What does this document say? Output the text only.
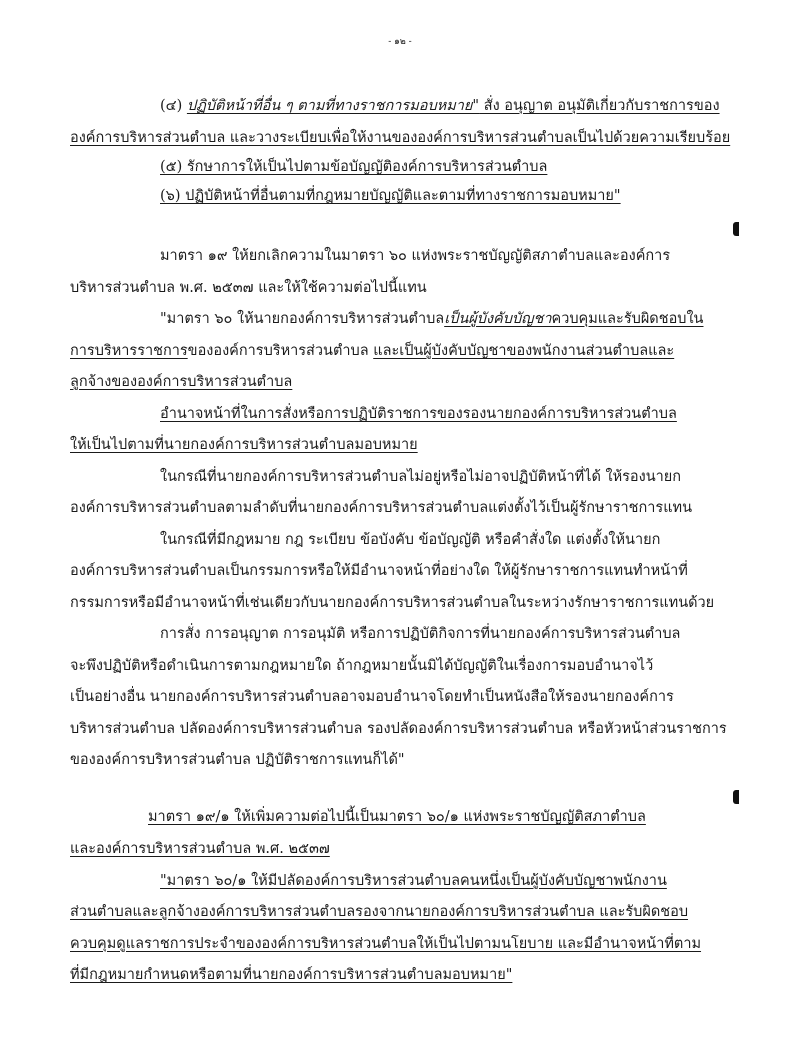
- ๑๒ -
(๔) ปฏิบัติหน้าที่อื่น ๆ ตามที่ทางราชการมอบหมาย" สั่ง อนุญาต อนุมัติเกี่ยวกับราชการของ
องค์การบริหารส่วนตำบล และวางระเบียบเพื่อให้งานขององค์การบริหารส่วนตำบลเป็นไปด้วยความเรียบร้อย
(๕) รักษาการให้เป็นไปตามข้อบัญญัติองค์การบริหารส่วนตำบล
(๖) ปฏิบัติหน้าที่อื่นตามที่กฎหมายบัญญัติและตามที่ทางราชการมอบหมาย"
มาตรา ๑๙ ให้ยกเลิกความในมาตรา ๖๐ แห่งพระราชบัญญัติสภาตำบลและองค์การ
บริหารส่วนตำบล พ.ศ. ๒๕๓๗ และให้ใช้ความต่อไปนี้แทน
"มาตรา ๖๐ ให้นายกองค์การบริหารส่วนตำบลเป็นผู้บังคับบัญชาควบคุมและรับผิดชอบใน
การบริหารราชการขององค์การบริหารส่วนตำบล และเป็นผู้บังคับบัญชาของพนักงานส่วนตำบลและ
ลูกจ้างขององค์การบริหารส่วนตำบล
อำนาจหน้าที่ในการสั่งหรือการปฏิบัติราชการของรองนายกองค์การบริหารส่วนตำบล
ให้เป็นไปตามที่นายกองค์การบริหารส่วนตำบลมอบหมาย
ในกรณีที่นายกองค์การบริหารส่วนตำบลไม่อยู่หรือไม่อาจปฏิบัติหน้าที่ได้ ให้รองนายก
องค์การบริหารส่วนตำบลตามลำดับที่นายกองค์การบริหารส่วนตำบลแต่งตั้งไว้เป็นผู้รักษาราชการแทน
ในกรณีที่มีกฎหมาย กฎ ระเบียบ ข้อบังคับ ข้อบัญญัติ หรือคำสั่งใด แต่งตั้งให้นายก
องค์การบริหารส่วนตำบลเป็นกรรมการหรือให้มีอำนาจหน้าที่อย่างใด ให้ผู้รักษาราชการแทนทำหน้าที่
กรรมการหรือมีอำนาจหน้าที่เช่นเดียวกับนายกองค์การบริหารส่วนตำบลในระหว่างรักษาราชการแทนด้วย
การสั่ง การอนุญาต การอนุมัติ หรือการปฏิบัติกิจการที่นายกองค์การบริหารส่วนตำบล
จะพึงปฏิบัติหรือดำเนินการตามกฎหมายใด ถ้ากฎหมายนั้นมิได้บัญญัติในเรื่องการมอบอำนาจไว้
เป็นอย่างอื่น นายกองค์การบริหารส่วนตำบลอาจมอบอำนาจโดยทำเป็นหนังสือให้รองนายกองค์การ
บริหารส่วนตำบล ปลัดองค์การบริหารส่วนตำบล รองปลัดองค์การบริหารส่วนตำบล หรือหัวหน้าส่วนราชการ
ขององค์การบริหารส่วนตำบล ปฏิบัติราชการแทนก็ได้"
มาตรา ๑๙/๑ ให้เพิ่มความต่อไปนี้เป็นมาตรา ๖๐/๑ แห่งพระราชบัญญัติสภาตำบล
และองค์การบริหารส่วนตำบล พ.ศ. ๒๕๓๗
"มาตรา ๖๐/๑ ให้มีปลัดองค์การบริหารส่วนตำบลคนหนึ่งเป็นผู้บังคับบัญชาพนักงาน
ส่วนตำบลและลูกจ้างองค์การบริหารส่วนตำบลรองจากนายกองค์การบริหารส่วนตำบล และรับผิดชอบ
ควบคุมดูแลราชการประจำขององค์การบริหารส่วนตำบลให้เป็นไปตามนโยบาย และมีอำนาจหน้าที่ตาม
ที่มีกฎหมายกำหนดหรือตามที่นายกองค์การบริหารส่วนตำบลมอบหมาย"
